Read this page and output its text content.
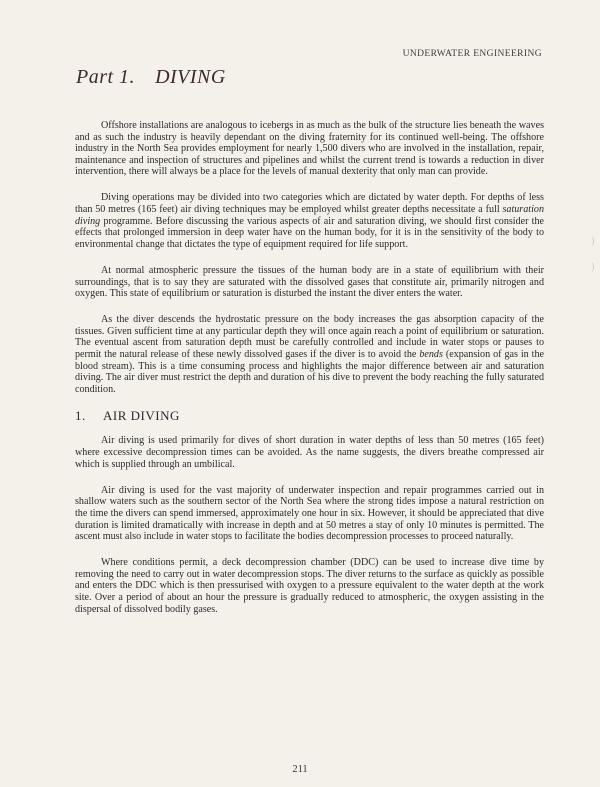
UNDERWATER ENGINEERING
Part 1. DIVING

Offshore installations are analogous to icebergs in as much as the bulk of the structure lies beneath the waves and as such the industry is heavily dependant on the diving fraternity for its continued well-being. The offshore industry in the North Sea provides employment for nearly 1,500 divers who are involved in the installation, repair, maintenance and inspection of structures and pipelines and whilst the current trend is towards a reduction in diver intervention, there will always be a place for the levels of manual dexterity that only man can provide.

Diving operations may be divided into two categories which are dictated by water depth. For depths of less than 50 metres (165 feet) air diving techniques may be employed whilst greater depths necessitate a full saturation diving programme. Before discussing the various aspects of air and saturation diving, we should first consider the effects that prolonged immersion in deep water have on the human body, for it is in the sensitivity of the body to environmental change that dictates the type of equipment required for life support.

At normal atmospheric pressure the tissues of the human body are in a state of equilibrium with their surroundings, that is to say they are saturated with the dissolved gases that constitute air, primarily nitrogen and oxygen. This state of equilibrium or saturation is disturbed the instant the diver enters the water.

As the diver descends the hydrostatic pressure on the body increases the gas absorption capacity of the tissues. Given sufficient time at any particular depth they will once again reach a point of equilibrium or saturation. The eventual ascent from saturation depth must be carefully controlled and include in water stops or pauses to permit the natural release of these newly dissolved gases if the diver is to avoid the bends (expansion of gas in the blood stream). This is a time consuming process and highlights the major difference between air and saturation diving. The air diver must restrict the depth and duration of his dive to prevent the body reaching the fully saturated condition.

1. AIR DIVING

Air diving is used primarily for dives of short duration in water depths of less than 50 metres (165 feet) where excessive decompression times can be avoided. As the name suggests, the divers breathe compressed air which is supplied through an umbilical.

Air diving is used for the vast majority of underwater inspection and repair programmes carried out in shallow waters such as the southern sector of the North Sea where the strong tides impose a natural restriction on the time the divers can spend immersed, approximately one hour in six. However, it should be appreciated that dive duration is limited dramatically with increase in depth and at 50 metres a stay of only 10 minutes is permitted. The ascent must also include in water stops to facilitate the bodies decompression processes to proceed naturally.

Where conditions permit, a deck decompression chamber (DDC) can be used to increase dive time by removing the need to carry out in water decompression stops. The diver returns to the surface as quickly as possible and enters the DDC which is then pressurised with oxygen to a pressure equivalent to the water depth at the work site. Over a period of about an hour the pressure is gradually reduced to atmospheric, the oxygen assisting in the dispersal of dissolved bodily gases.

211
